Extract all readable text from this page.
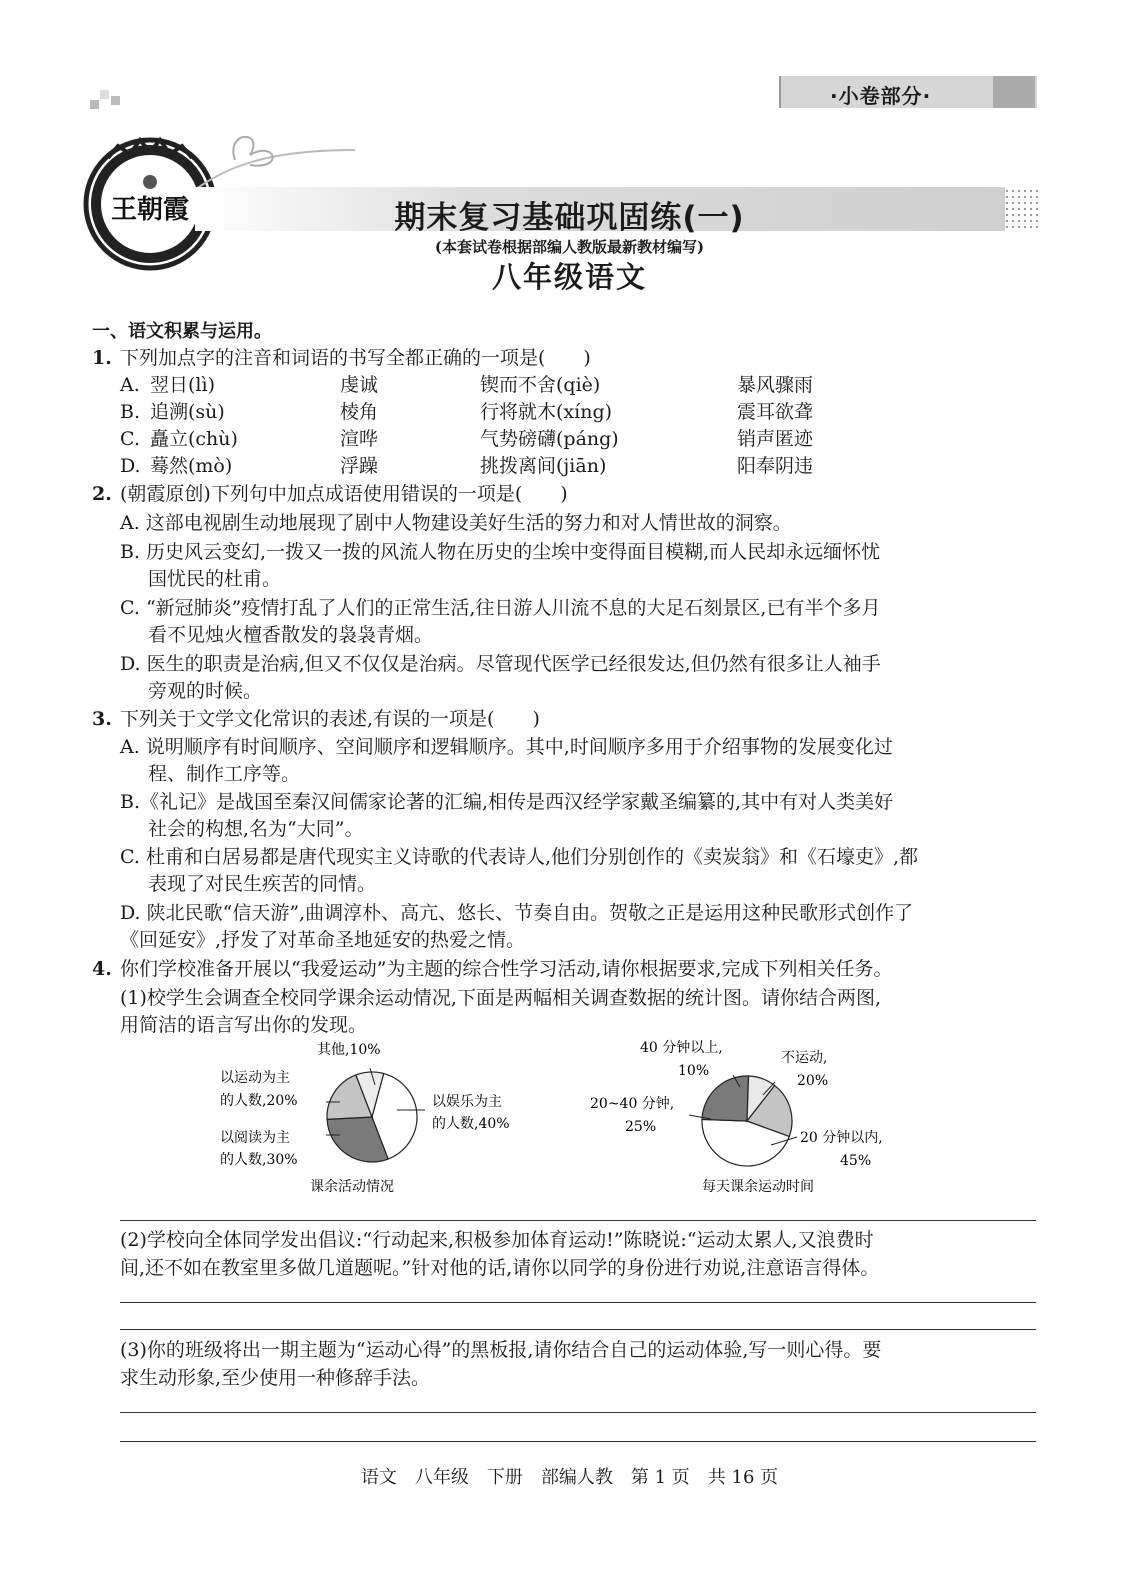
·小卷部分·
王朝霞	期末复习基础巩固练(一)
(本套试卷根据部编人教版最新教材编写)
八年级语文
一、语文积累与运用。
1. 下列加点字的注音和词语的书写全都正确的一项是(　　)
A. 翌日(lì)	虔诚	锲而不舍(qiè)	暴风骤雨
B. 追溯(sù)	棱角	行将就木(xíng)	震耳欲聋
C. 矗立(chù)	渲哗	气势磅礴(páng)	销声匿迹
D. 蓦然(mò)	浮躁	挑拨离间(jiān)	阳奉阴违
2. (朝霞原创)下列句中加点成语使用错误的一项是(　　)
A. 这部电视剧生动地展现了剧中人物建设美好生活的努力和对人情世故的洞察。
B. 历史风云变幻,一拨又一拨的风流人物在历史的尘埃中变得面目模糊,而人民却永远缅怀忧
国忧民的杜甫。
C. “新冠肺炎”疫情打乱了人们的正常生活,往日游人川流不息的大足石刻景区,已有半个多月
看不见烛火檀香散发的袅袅青烟。
D. 医生的职责是治病,但又不仅仅是治病。尽管现代医学已经很发达,但仍然有很多让人袖手
旁观的时候。
3. 下列关于文学文化常识的表述,有误的一项是(　　)
A. 说明顺序有时间顺序、空间顺序和逻辑顺序。其中,时间顺序多用于介绍事物的发展变化过
程、制作工序等。
B.《礼记》是战国至秦汉间儒家论著的汇编,相传是西汉经学家戴圣编纂的,其中有对人类美好
社会的构想,名为“大同”。
C. 杜甫和白居易都是唐代现实主义诗歌的代表诗人,他们分别创作的《卖炭翁》和《石壕吏》,都
表现了对民生疾苦的同情。
D. 陕北民歌“信天游”,曲调淳朴、高亢、悠长、节奏自由。贺敬之正是运用这种民歌形式创作了
《回延安》,抒发了对革命圣地延安的热爱之情。
4. 你们学校准备开展以“我爱运动”为主题的综合性学习活动,请你根据要求,完成下列相关任务。
(1)校学生会调查全校同学课余运动情况,下面是两幅相关调查数据的统计图。请你结合两图,
用简洁的语言写出你的发现。
其他,10%
以娱乐为主
的人数,40%
以运动为主
的人数,20%
以阅读为主
的人数,30%
课余活动情况
40 分钟以上,
10%
不运动,
20%
20~40 分钟,
25%
20 分钟以内,
45%
每天课余运动时间
(2)学校向全体同学发出倡议:“行动起来,积极参加体育运动!”陈晓说:“运动太累人,又浪费时
间,还不如在教室里多做几道题呢。”针对他的话,请你以同学的身份进行劝说,注意语言得体。
(3)你的班级将出一期主题为“运动心得”的黑板报,请你结合自己的运动体验,写一则心得。要
求生动形象,至少使用一种修辞手法。
语文　八年级　下册　部编人教　第 1 页　共 16 页
